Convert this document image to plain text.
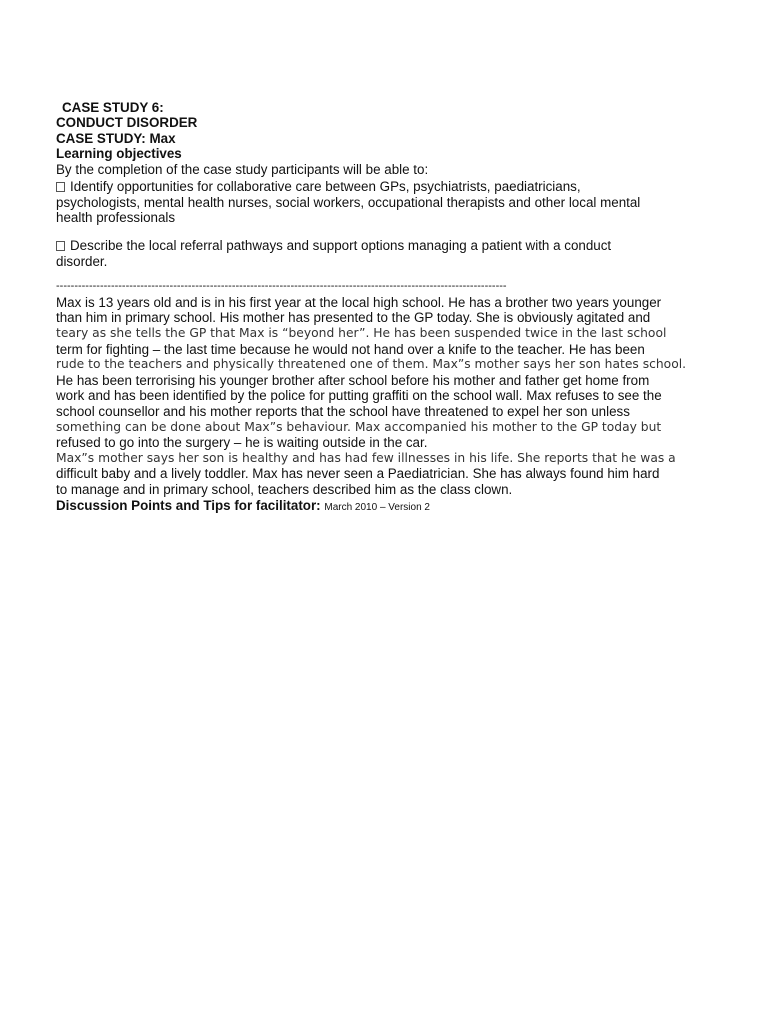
CASE STUDY 6:
CONDUCT DISORDER
CASE STUDY: Max
Learning objectives
By the completion of the case study participants will be able to:
Identify opportunities for collaborative care between GPs, psychiatrists, paediatricians,
psychologists, mental health nurses, social workers, occupational therapists and other local mental
health professionals
Describe the local referral pathways and support options managing a patient with a conduct
disorder.
---------------------------------------------------------------------------------------------------------------------------
Max is 13 years old and is in his first year at the local high school. He has a brother two years younger
than him in primary school. His mother has presented to the GP today. She is obviously agitated and
teary as she tells the GP that Max is “beyond her”. He has been suspended twice in the last school
term for fighting – the last time because he would not hand over a knife to the teacher. He has been
rude to the teachers and physically threatened one of them. Max”s mother says her son hates school.
He has been terrorising his younger brother after school before his mother and father get home from
work and has been identified by the police for putting graffiti on the school wall. Max refuses to see the
school counsellor and his mother reports that the school have threatened to expel her son unless
something can be done about Max”s behaviour. Max accompanied his mother to the GP today but
refused to go into the surgery – he is waiting outside in the car.
Max”s mother says her son is healthy and has had few illnesses in his life. She reports that he was a
difficult baby and a lively toddler. Max has never seen a Paediatrician. She has always found him hard
to manage and in primary school, teachers described him as the class clown.
Discussion Points and Tips for facilitator: March 2010 – Version 2
